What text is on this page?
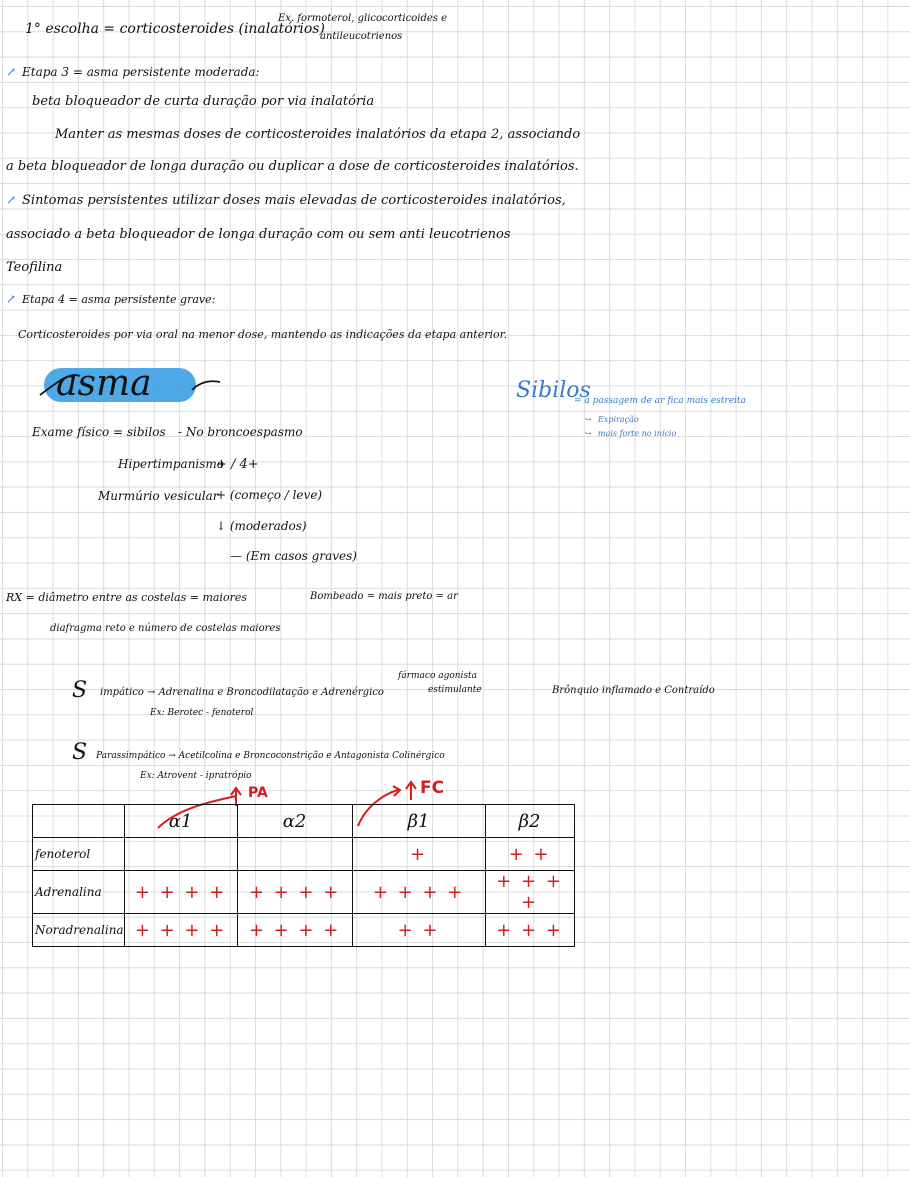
1° escolha = corticosteroides (inalatórios)
Ex. formoterol, glicocorticoides e
antileucotrienos
↗ Etapa 3 = asma persistente moderada:
beta bloqueador de curta duração por via inalatória
Manter as mesmas doses de corticosteroides inalatórios da etapa 2, associando
a beta bloqueador de longa duração ou duplicar a dose de corticosteroides inalatórios.
↗ Sintomas persistentes utilizar doses mais elevadas de corticosteroides inalatórios,
associado a beta bloqueador de longa duração com ou sem anti leucotrienos
Teofilina
↗ Etapa 4 = asma persistente grave:
Corticosteroides por via oral na menor dose, mantendo as indicações da etapa anterior.
asma	Sibilos
= a passagem de ar fica mais estreita
↪ Expiração
↪ mais forte no início
Exame físico = sibilos - No broncoespasmo
Hipertimpanismo
+ / 4+
Murmúrio vesicular
+ (começo / leve)
↓ (moderados)
— (Em casos graves)
RX = diâmetro entre as costelas = maiores	Bombeado = mais preto = ar
diafragma reto e número de costelas maiores
S impático → Adrenalina e Broncodilatação e Adrenérgico
fármaco agonista
estimulante
Ex: Berotec - fenoterol
Brônquio inflamado e Contraído
S Parassimpático → Acetilcolina e Broncoconstrição e Antagonista Colinérgico
Ex: Atrovent - ipratrópio
PA	FC
	α1	α2	β1	β2
fenoterol			+	+ +
Adrenalina	+ + + +	+ + + +	+ + + +	+ + + +
Noradrenalina	+ + + +	+ + + +	+ +	+ + +
